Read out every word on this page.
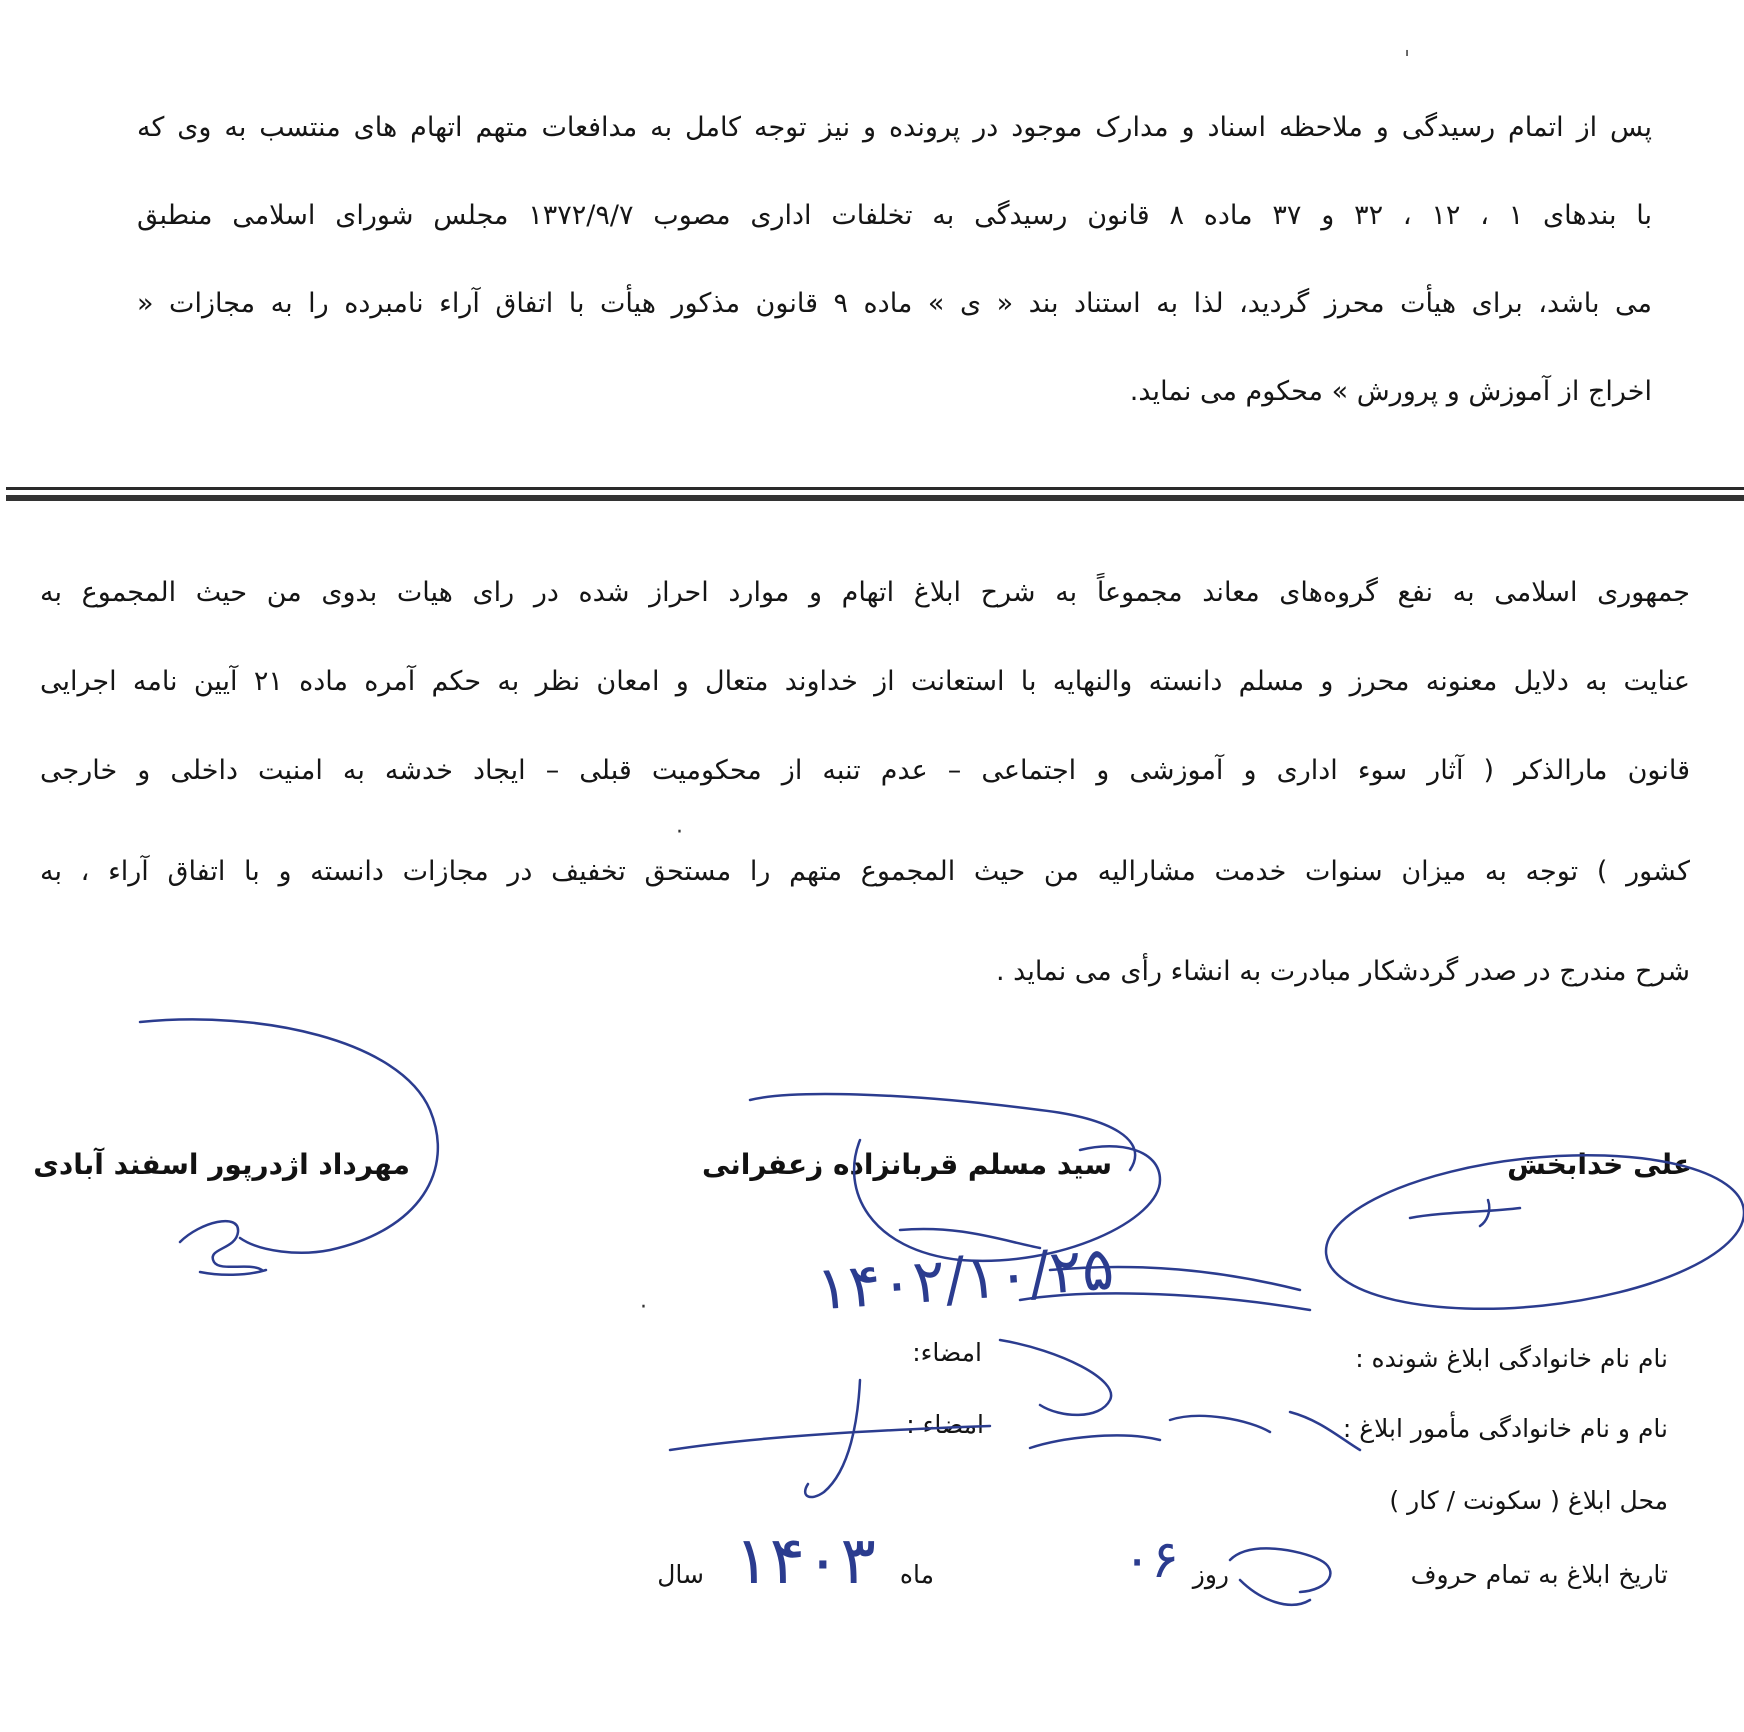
ˈ
پس از اتمام رسیدگی و ملاحظه اسناد و مدارک موجود در پرونده و نیز توجه کامل به مدافعات متهم اتهام های منتسب به وی که
با بندهای ۱ ، ۱۲ ، ۳۲ و ۳۷ ماده ۸ قانون رسیدگی به تخلفات اداری مصوب ۱۳۷۲/۹/۷ مجلس شورای اسلامی منطبق
می باشد، برای هیأت محرز گردید، لذا به استناد بند « ی » ماده ۹ قانون مذکور هیأت با اتفاق آراء نامبرده را به مجازات «
اخراج از آموزش و پرورش » محکوم می نماید.
جمهوری اسلامی به نفع گروه‌های معاند مجموعاً به شرح ابلاغ اتهام و موارد احراز شده در رای هیات بدوی من حیث المجموع به
عنایت به دلایل معنونه محرز و مسلم دانسته والنهایه با استعانت از خداوند متعال و امعان نظر به حکم آمره ماده ۲۱ آیین نامه اجرایی
قانون مارالذکر ( آثار سوء اداری و آموزشی و اجتماعی – عدم تنبه از محکومیت قبلی – ایجاد خدشه به امنیت داخلی و خارجی
کشور ) توجه به میزان سنوات خدمت مشارالیه من حیث المجموع متهم را مستحق تخفیف در مجازات دانسته و با اتفاق آراء ، به
شرح مندرج در صدر گردشکار مبادرت به انشاء رأی می نماید .
علی خدابخش
سید مسلم قربانزاده زعفرانی
مهرداد اژدرپور اسفند آبادی
نام نام خانوادگی ابلاغ شونده :
امضاء:
نام و نام خانوادگی مأمور ابلاغ :
امضاء :
محل ابلاغ ( سکونت / کار )
تاریخ ابلاغ به تمام حروف
روز
ماه
سال
۱۴۰۲/۱۰/۲۵
۰۶
۱۴۰۳
·
·
